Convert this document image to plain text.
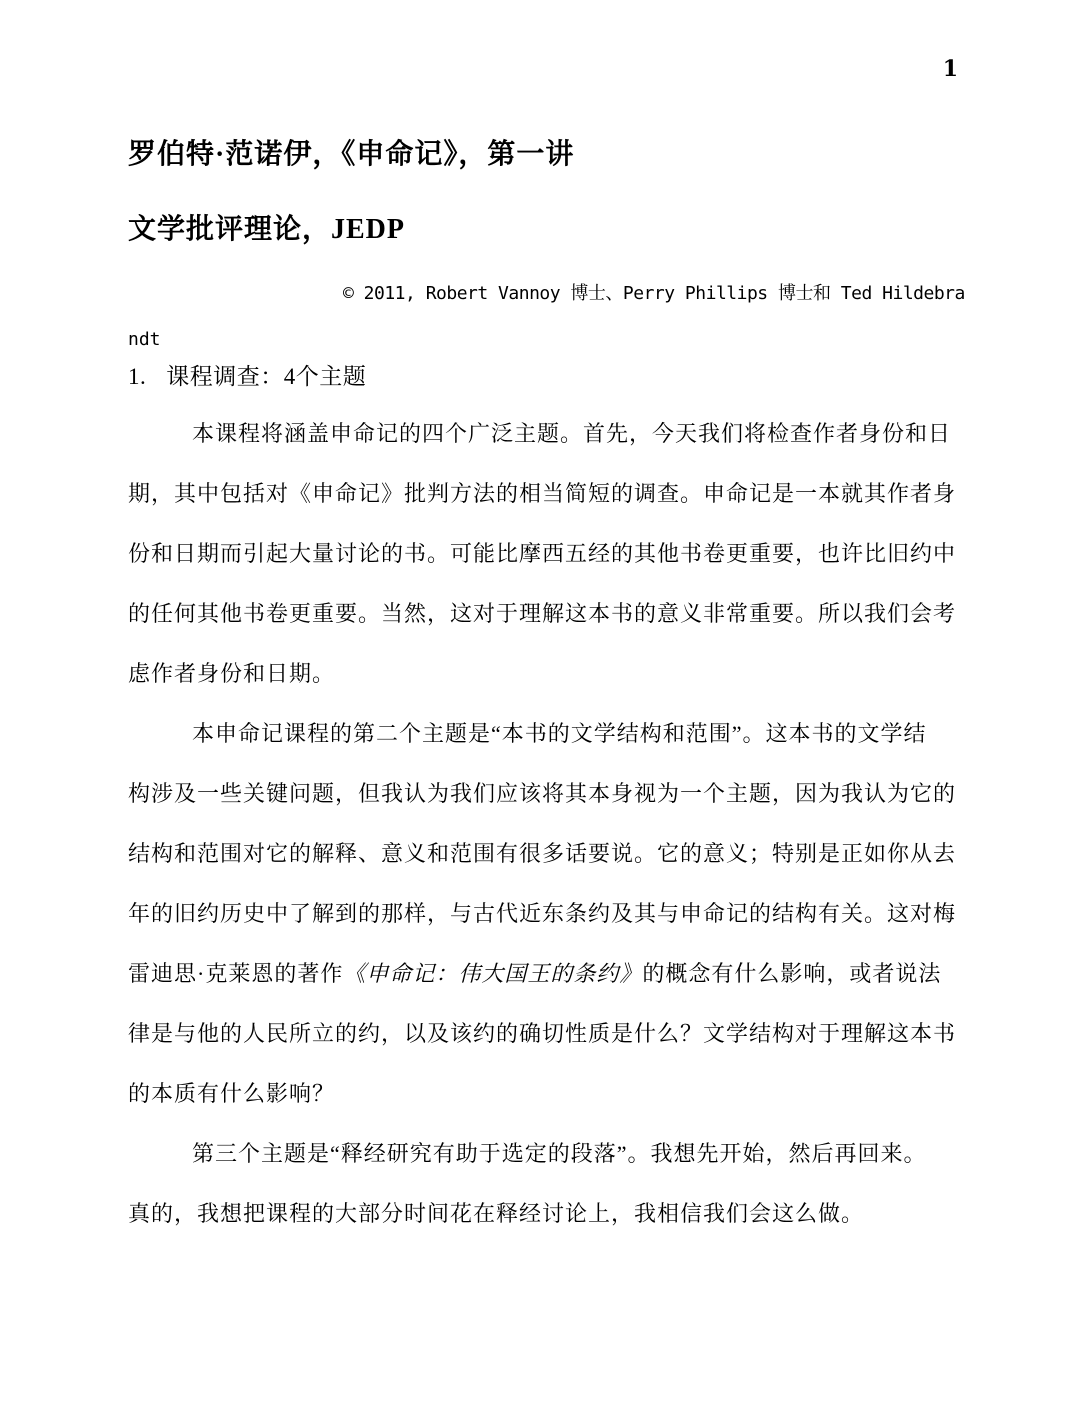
1
罗伯特·范诺伊，《申命记》，第一讲
文学批评理论，JEDP
© 2011, Robert Vannoy 博士、Perry Phillips 博士和 Ted Hildebra
ndt
1. 课程调查：4个主题
本课程将涵盖申命记的四个广泛主题。首先，今天我们将检查作者身份和日
期，其中包括对《申命记》批判方法的相当简短的调查。申命记是一本就其作者身
份和日期而引起大量讨论的书。可能比摩西五经的其他书卷更重要，也许比旧约中
的任何其他书卷更重要。当然，这对于理解这本书的意义非常重要。所以我们会考
虑作者身份和日期。
本申命记课程的第二个主题是“本书的文学结构和范围”。这本书的文学结
构涉及一些关键问题，但我认为我们应该将其本身视为一个主题，因为我认为它的
结构和范围对它的解释、意义和范围有很多话要说。它的意义；特别是正如你从去
年的旧约历史中了解到的那样，与古代近东条约及其与申命记的结构有关。这对梅
雷迪思·克莱恩的著作《申命记：伟大国王的条约》的概念有什么影响，或者说法
律是与他的人民所立的约，以及该约的确切性质是什么？文学结构对于理解这本书
的本质有什么影响？
第三个主题是“释经研究有助于选定的段落”。我想先开始，然后再回来。
真的，我想把课程的大部分时间花在释经讨论上，我相信我们会这么做。
